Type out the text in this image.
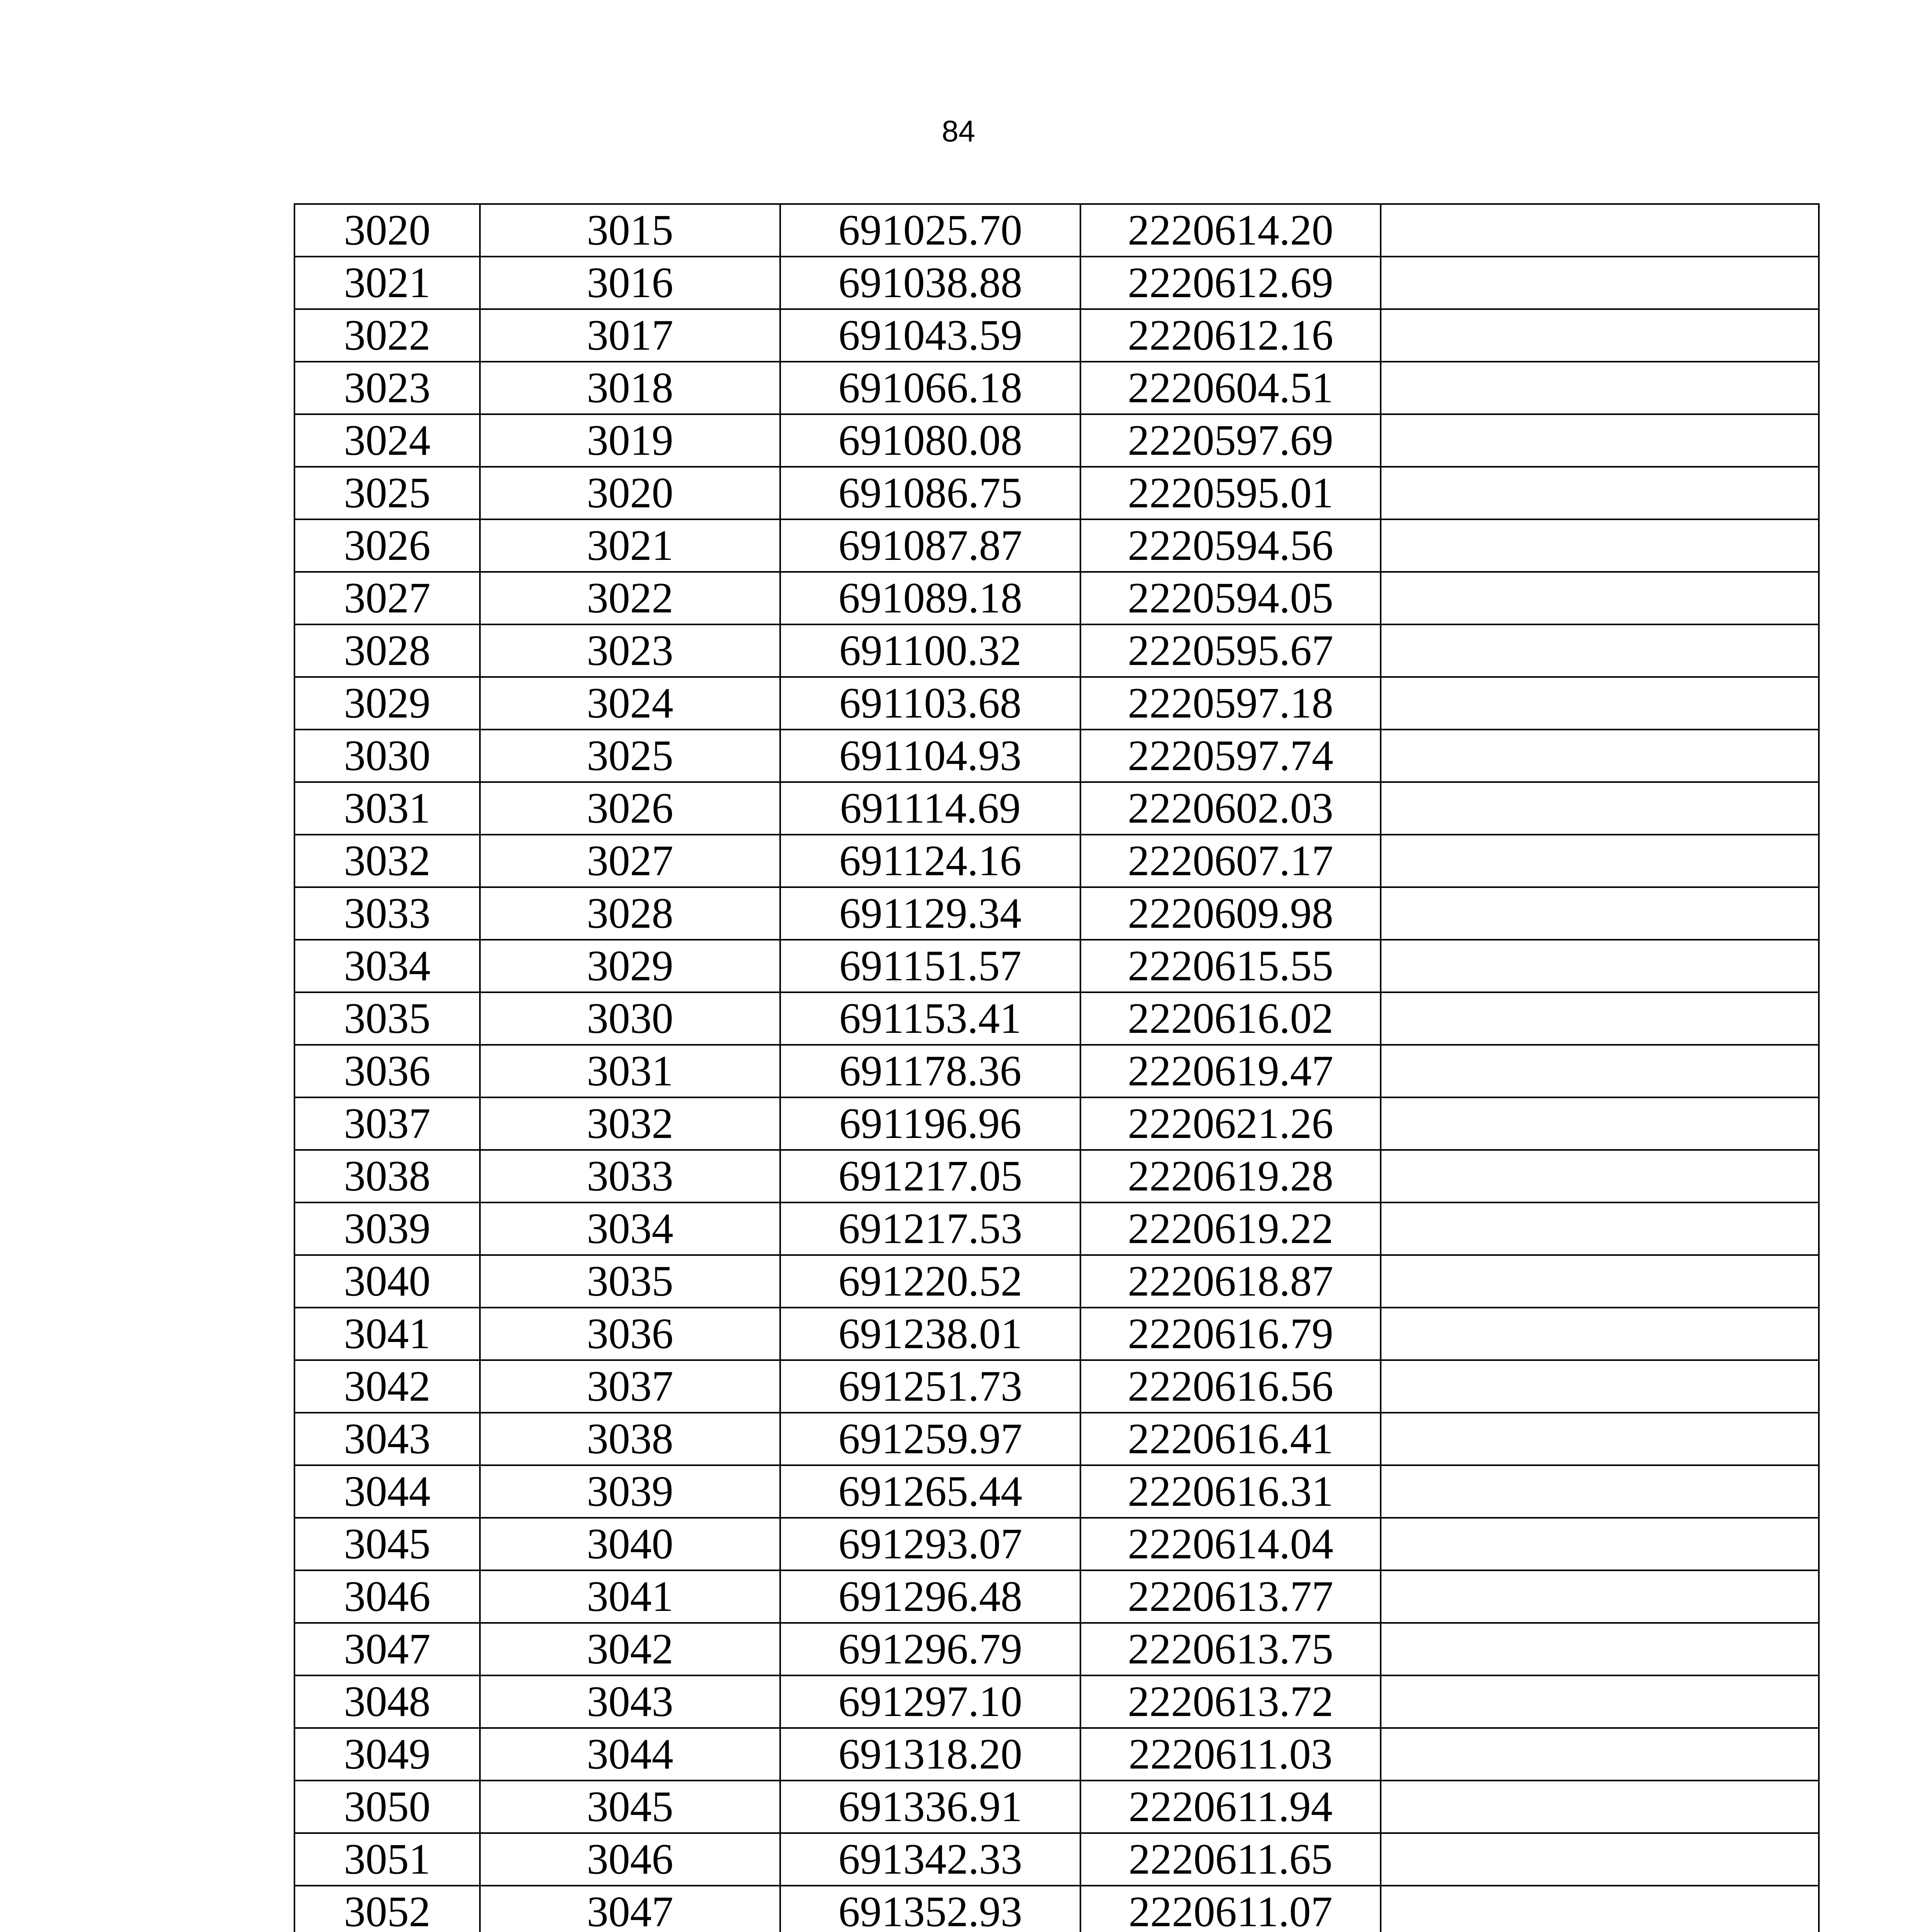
84
3020	3015	691025.70	2220614.20	
3021	3016	691038.88	2220612.69	
3022	3017	691043.59	2220612.16	
3023	3018	691066.18	2220604.51	
3024	3019	691080.08	2220597.69	
3025	3020	691086.75	2220595.01	
3026	3021	691087.87	2220594.56	
3027	3022	691089.18	2220594.05	
3028	3023	691100.32	2220595.67	
3029	3024	691103.68	2220597.18	
3030	3025	691104.93	2220597.74	
3031	3026	691114.69	2220602.03	
3032	3027	691124.16	2220607.17	
3033	3028	691129.34	2220609.98	
3034	3029	691151.57	2220615.55	
3035	3030	691153.41	2220616.02	
3036	3031	691178.36	2220619.47	
3037	3032	691196.96	2220621.26	
3038	3033	691217.05	2220619.28	
3039	3034	691217.53	2220619.22	
3040	3035	691220.52	2220618.87	
3041	3036	691238.01	2220616.79	
3042	3037	691251.73	2220616.56	
3043	3038	691259.97	2220616.41	
3044	3039	691265.44	2220616.31	
3045	3040	691293.07	2220614.04	
3046	3041	691296.48	2220613.77	
3047	3042	691296.79	2220613.75	
3048	3043	691297.10	2220613.72	
3049	3044	691318.20	2220611.03	
3050	3045	691336.91	2220611.94	
3051	3046	691342.33	2220611.65	
3052	3047	691352.93	2220611.07	
